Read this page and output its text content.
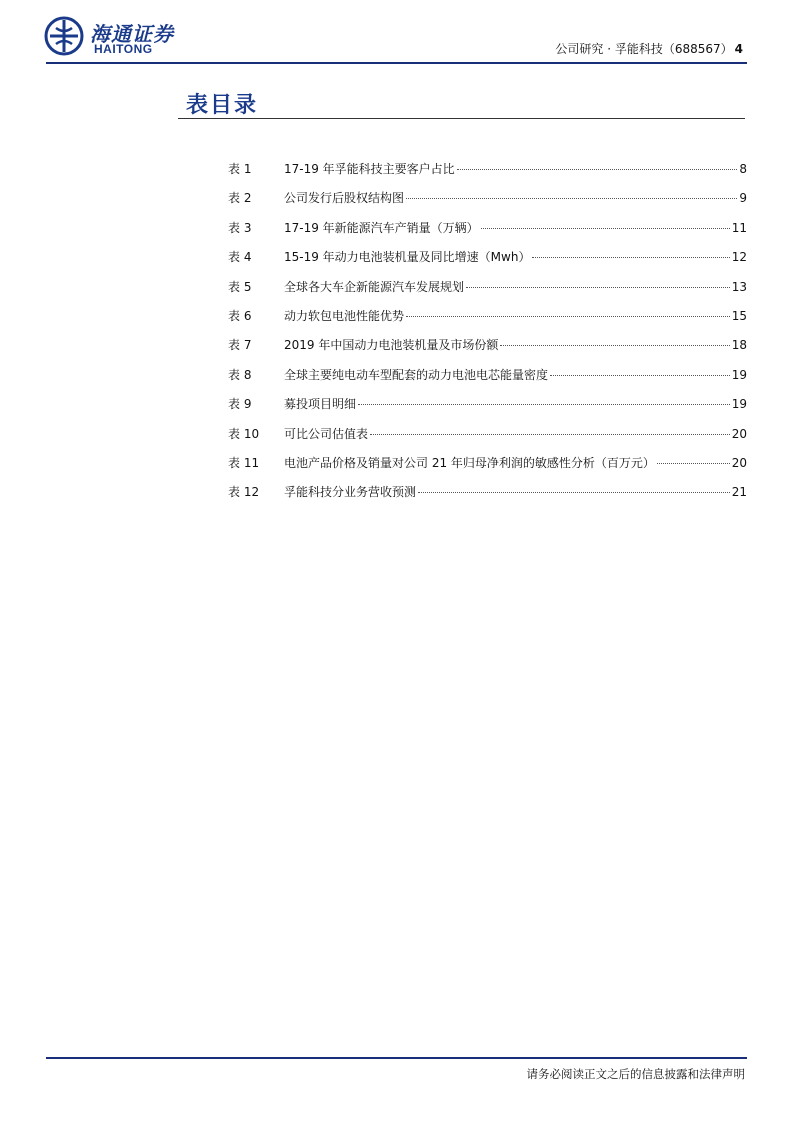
海通证券
HAITONG	公司研究 · 孚能科技（688567） 4
表目录
表 1	17-19 年孚能科技主要客户占比	8
表 2	公司发行后股权结构图	9
表 3	17-19 年新能源汽车产销量（万辆）	11
表 4	15-19 年动力电池装机量及同比增速（Mwh）	12
表 5	全球各大车企新能源汽车发展规划	13
表 6	动力软包电池性能优势	15
表 7	2019 年中国动力电池装机量及市场份额	18
表 8	全球主要纯电动车型配套的动力电池电芯能量密度	19
表 9	募投项目明细	19
表 10	可比公司估值表	20
表 11	电池产品价格及销量对公司 21 年归母净利润的敏感性分析（百万元）	20
表 12	孚能科技分业务营收预测	21
请务必阅读正文之后的信息披露和法律声明
